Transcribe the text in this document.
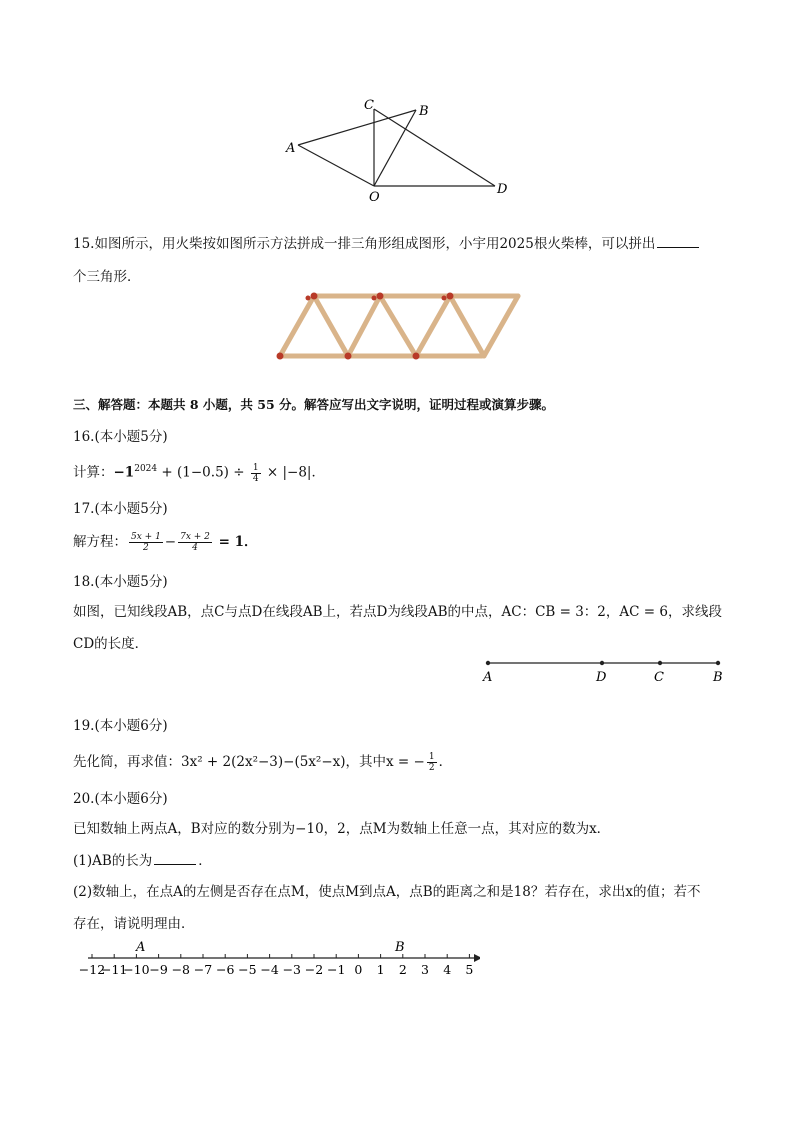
A
C	B
O
D
15.如图所示，用火柴按如图所示方法拼成一排三角形组成图形，小宇用2025根火柴棒，可以拼出
个三角形．
三、解答题：本题共 8 小题，共 55 分。解答应写出文字说明，证明过程或演算步骤。
16.(本小题5分)
计算：$-1^{2024} + (1-0.5) \div \frac{1}{4} \times |-8|$．
17.(本小题5分)
解方程： $\frac{5x + 1}{2} - \frac{7x + 2}{4} = 1$．
18.(本小题5分)
如图，已知线段AB，点C与点D在线段AB上，若点D为线段AB的中点，AC：CB = 3：2，AC = 6，求线段
CD的长度．
A	D	C	B
19.(本小题6分)
先化简，再求值：3x² + 2(2x²−3)−(5x²−x)，其中x = − $\frac{1}{2}$ ．
20.(本小题6分)
已知数轴上两点A，B对应的数分别为−10，2，点M为数轴上任意一点，其对应的数为x．
(1)AB的长为	．
(2)数轴上，在点A的左侧是否存在点M，使点M到点A，点B的距离之和是18？若存在，求出x的值；若不
存在，请说明理由．
−12
−11
−10 −9 −8 −7 −6 −5 −4 −3 −2 −1 0 1 2 3 4 5
A	B
